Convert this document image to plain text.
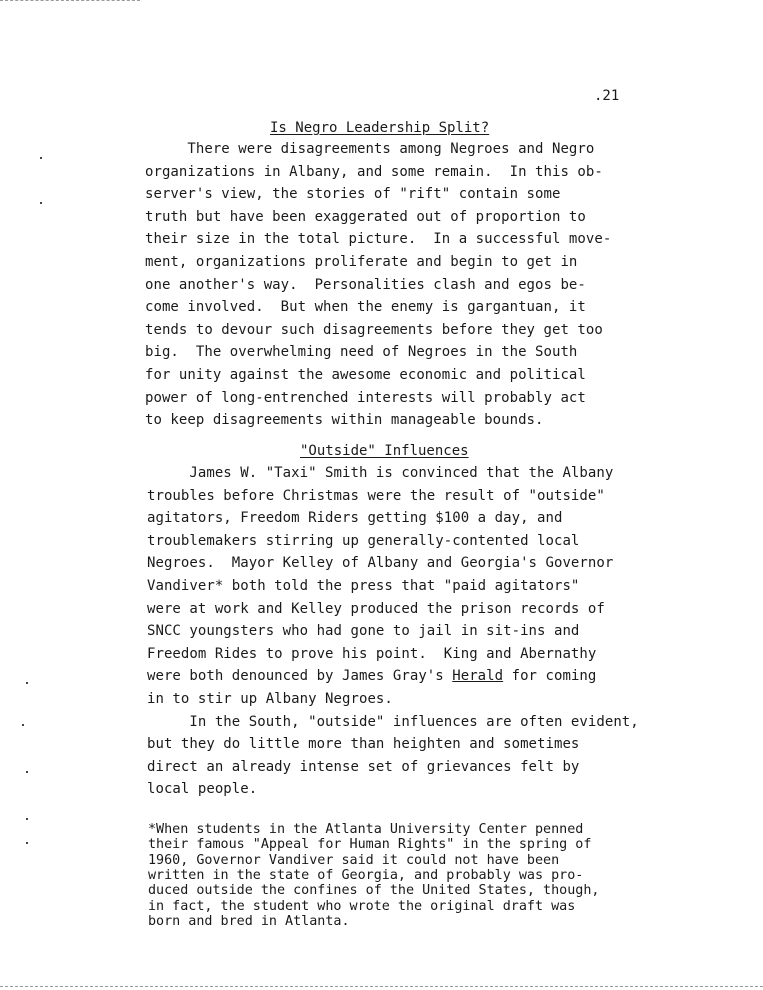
.21
Is Negro Leadership Split?
There were disagreements among Negroes and Negro
organizations in Albany, and some remain.  In this ob-
server's view, the stories of "rift" contain some
truth but have been exaggerated out of proportion to
their size in the total picture.  In a successful move-
ment, organizations proliferate and begin to get in
one another's way.  Personalities clash and egos be-
come involved.  But when the enemy is gargantuan, it
tends to devour such disagreements before they get too
big.  The overwhelming need of Negroes in the South
for unity against the awesome economic and political
power of long-entrenched interests will probably act
to keep disagreements within manageable bounds.
"Outside" Influences
James W. "Taxi" Smith is convinced that the Albany
troubles before Christmas were the result of "outside"
agitators, Freedom Riders getting $100 a day, and
troublemakers stirring up generally-contented local
Negroes.  Mayor Kelley of Albany and Georgia's Governor
Vandiver* both told the press that "paid agitators"
were at work and Kelley produced the prison records of
SNCC youngsters who had gone to jail in sit-ins and
Freedom Rides to prove his point.  King and Abernathy
were both denounced by James Gray's Herald for coming
in to stir up Albany Negroes.
In the South, "outside" influences are often evident,
but they do little more than heighten and sometimes
direct an already intense set of grievances felt by
local people.
*When students in the Atlanta University Center penned
their famous "Appeal for Human Rights" in the spring of
1960, Governor Vandiver said it could not have been
written in the state of Georgia, and probably was pro-
duced outside the confines of the United States, though,
in fact, the student who wrote the original draft was
born and bred in Atlanta.
